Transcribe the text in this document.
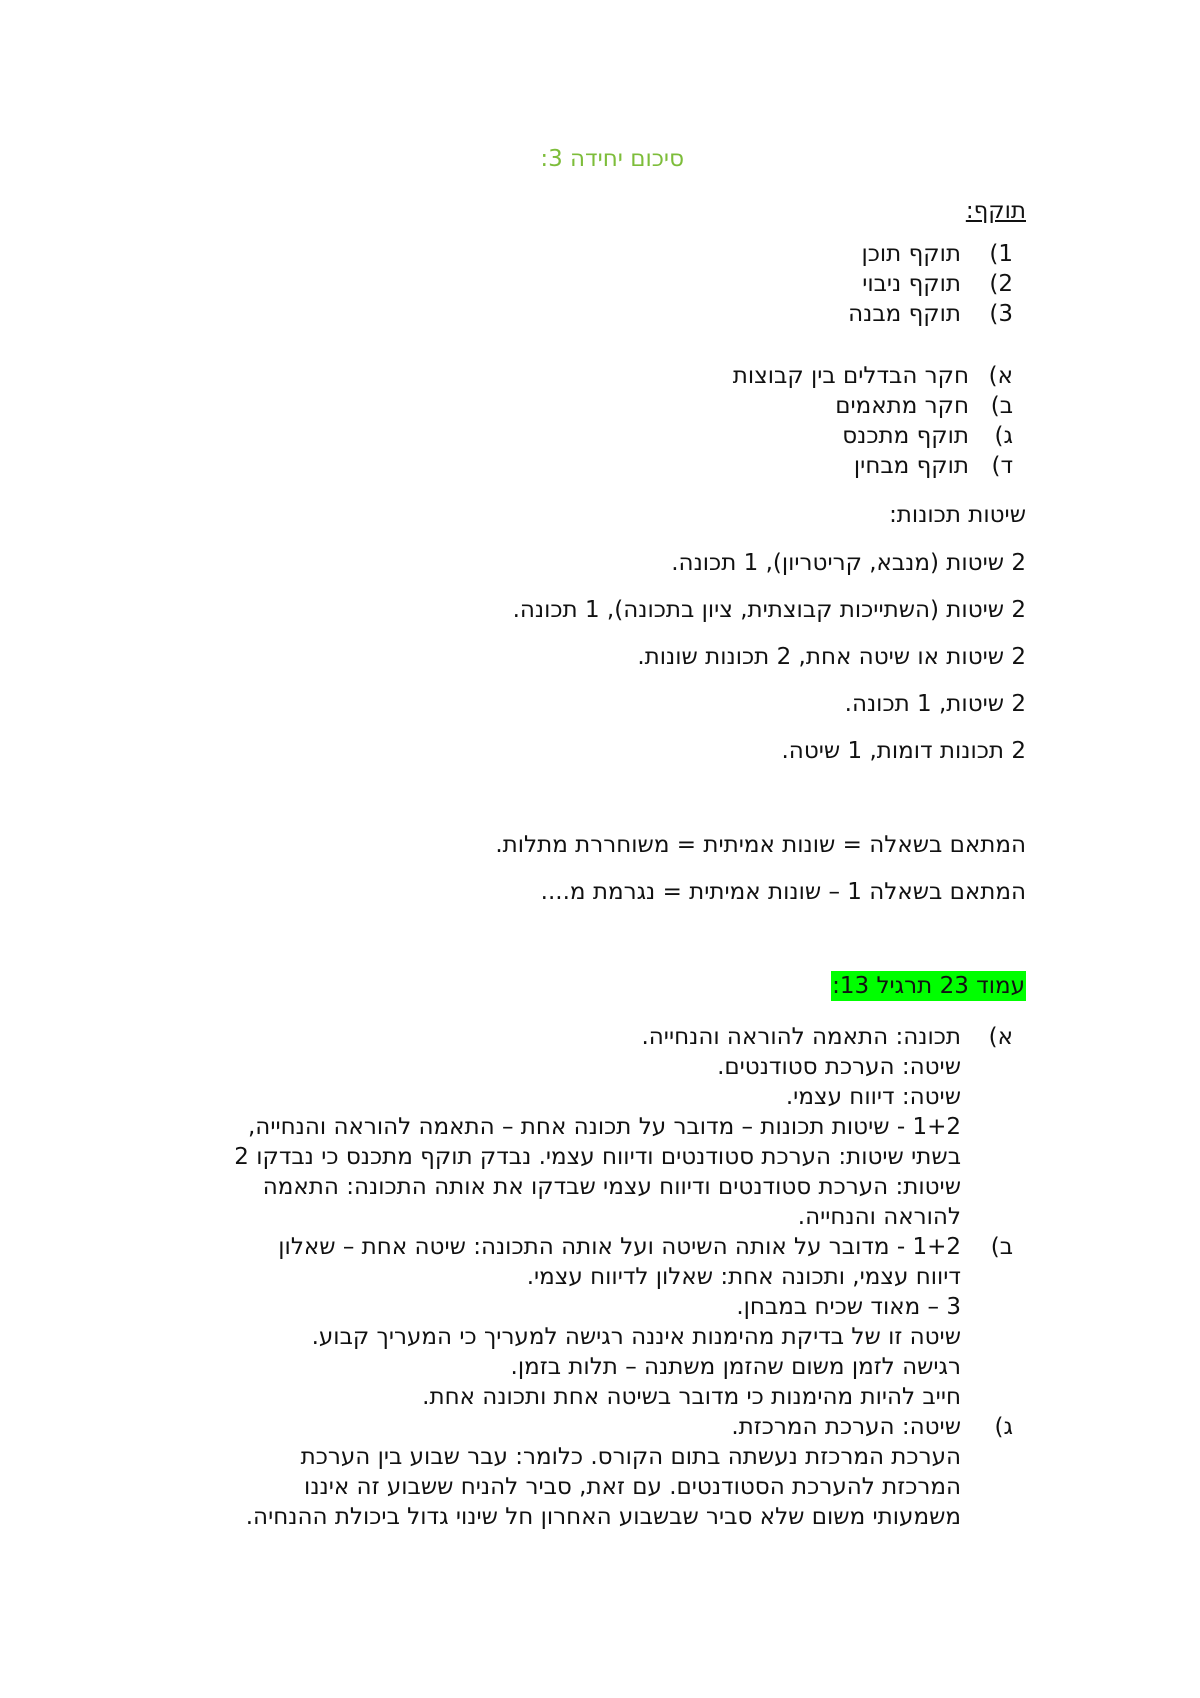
סיכום יחידה 3:
תוקף:
1)
תוקף תוכן
2)
תוקף ניבוי
3)
תוקף מבנה
א)
חקר הבדלים בין קבוצות
ב)
חקר מתאמים
ג)
תוקף מתכנס
ד)
תוקף מבחין
שיטות תכונות:
2 שיטות (מנבא, קריטריון), 1 תכונה.
2 שיטות (השתייכות קבוצתית, ציון בתכונה), 1 תכונה.
2 שיטות או שיטה אחת, 2 תכונות שונות.
2 שיטות, 1 תכונה.
2 תכונות דומות, 1 שיטה.
המתאם בשאלה = שונות אמיתית = משוחררת מתלות.
המתאם בשאלה 1 – שונות אמיתית = נגרמת מ....
עמוד 23 תרגיל 13:
א)
תכונה: התאמה להוראה והנחייה.
שיטה: הערכת סטודנטים.
שיטה: דיווח עצמי.
1+2 - שיטות תכונות – מדובר על תכונה אחת – התאמה להוראה והנחייה,
בשתי שיטות: הערכת סטודנטים ודיווח עצמי. נבדק תוקף מתכנס כי נבדקו 2
שיטות: הערכת סטודנטים ודיווח עצמי שבדקו את אותה התכונה: התאמה
להוראה והנחייה.
ב)
1+2 - מדובר על אותה השיטה ועל אותה התכונה: שיטה אחת – שאלון
דיווח עצמי, ותכונה אחת: שאלון לדיווח עצמי.
3 – מאוד שכיח במבחן.
שיטה זו של בדיקת מהימנות איננה רגישה למעריך כי המעריך קבוע.
רגישה לזמן משום שהזמן משתנה – תלות בזמן.
חייב להיות מהימנות כי מדובר בשיטה אחת ותכונה אחת.
ג)
שיטה: הערכת המרכזת.
הערכת המרכזת נעשתה בתום הקורס. כלומר: עבר שבוע בין הערכת
המרכזת להערכת הסטודנטים. עם זאת, סביר להניח ששבוע זה איננו
משמעותי משום שלא סביר שבשבוע האחרון חל שינוי גדול ביכולת ההנחיה.
